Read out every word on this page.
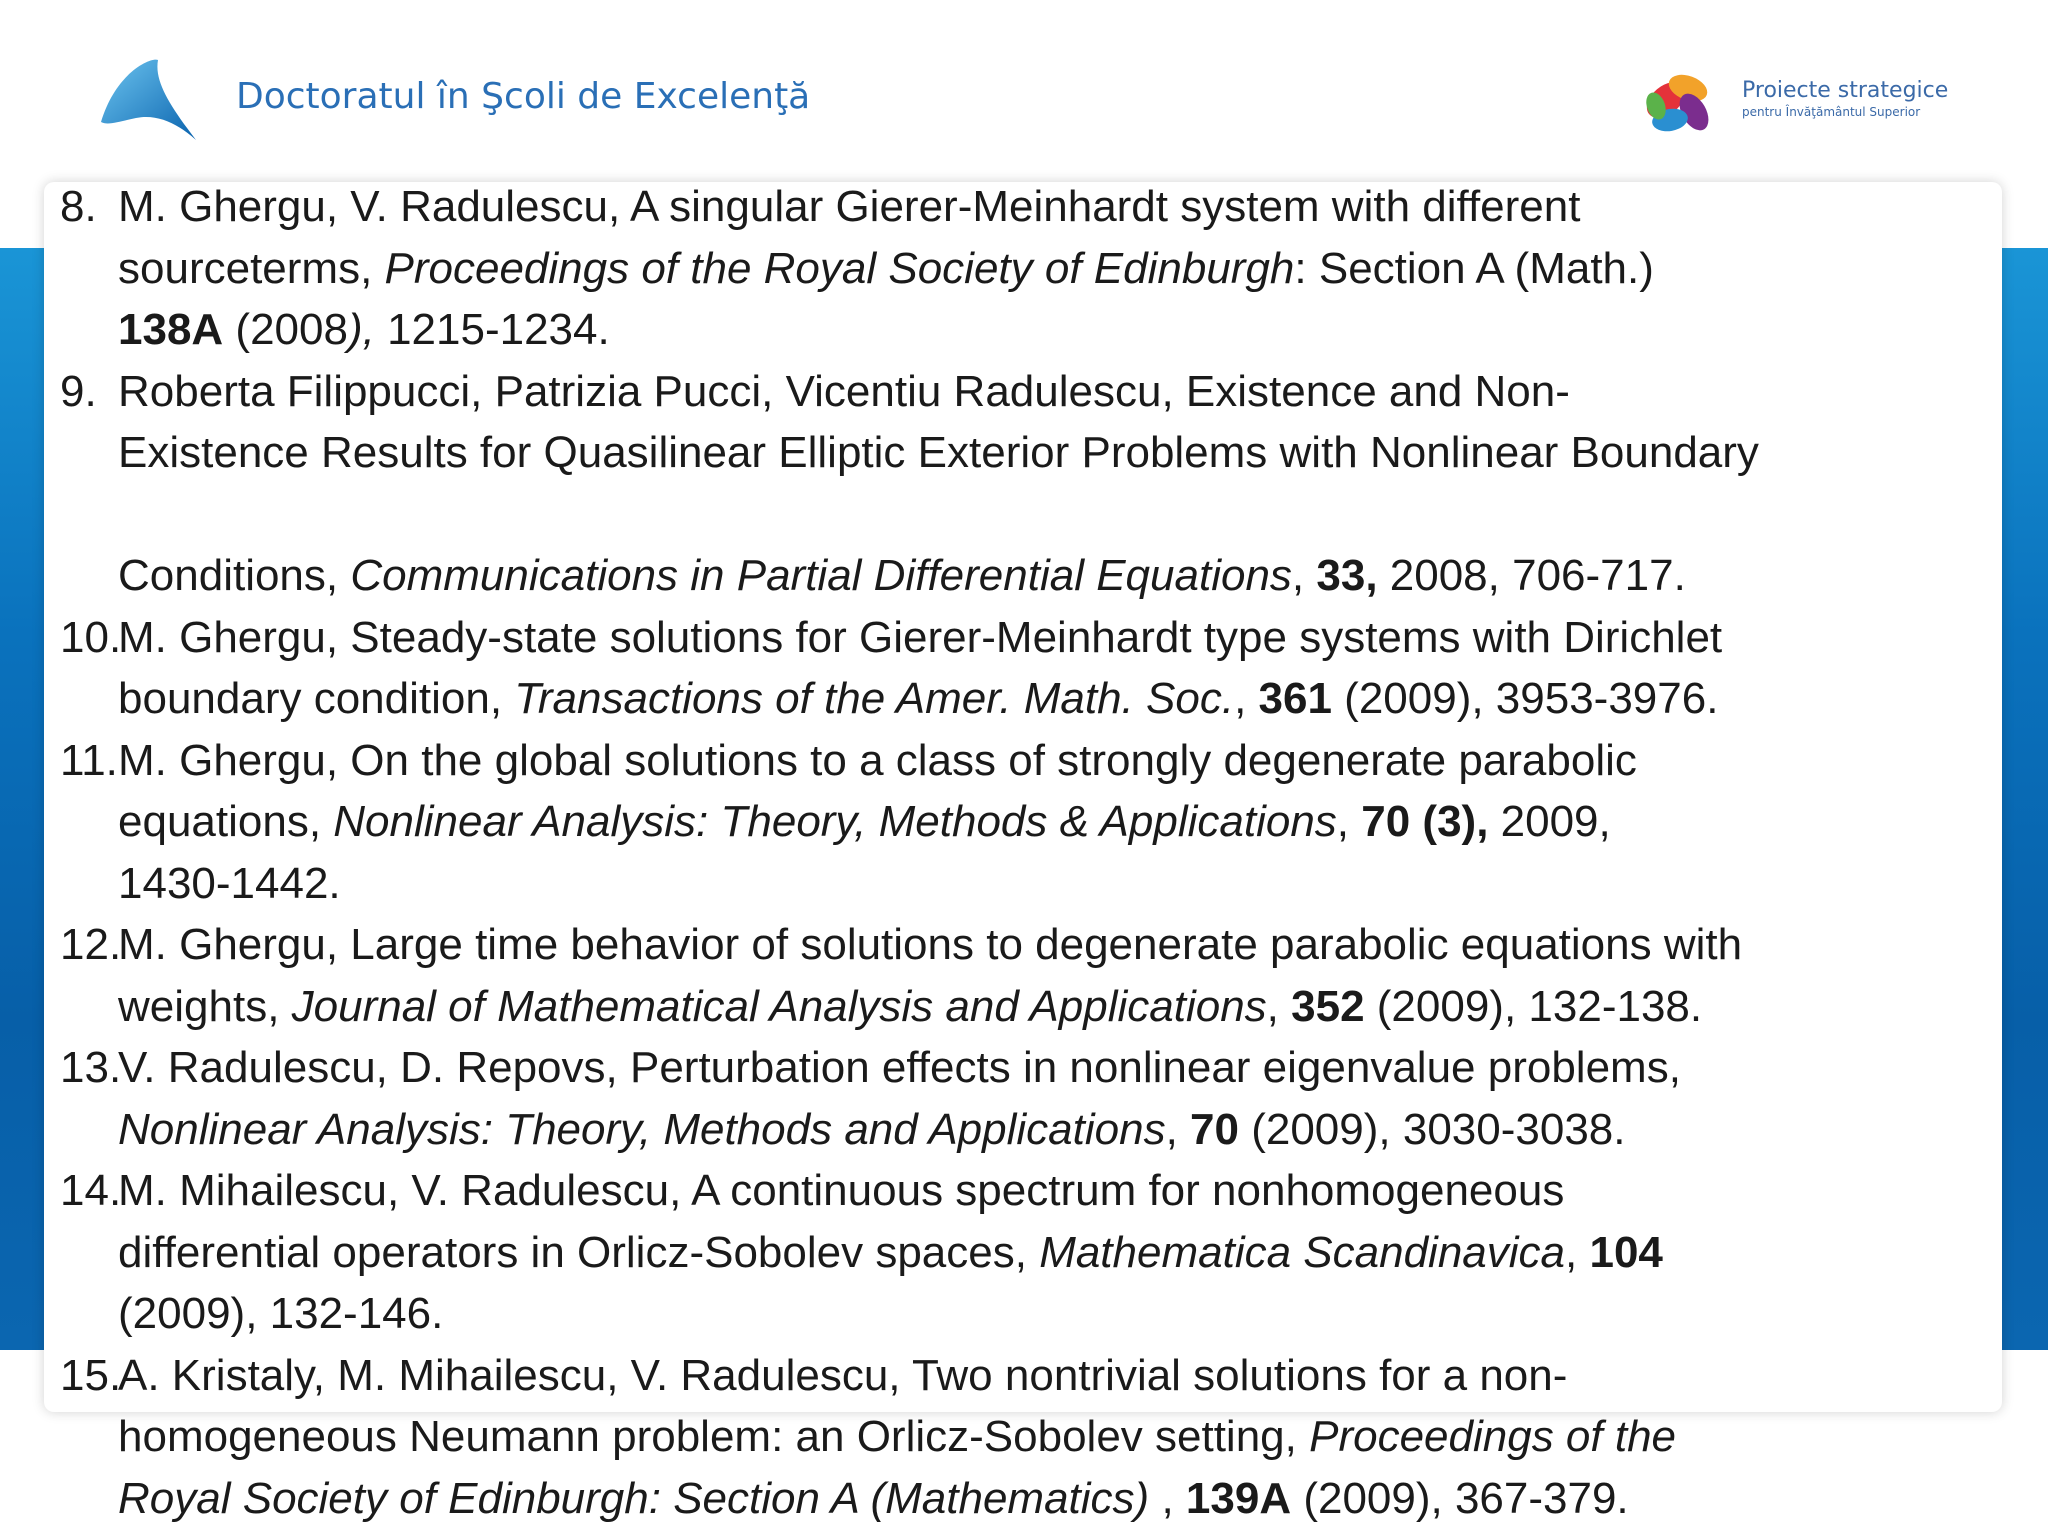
Doctoratul în Şcoli de Excelenţă	Proiecte strategice
pentru Învăţământul Superior
8. M. Ghergu, V. Radulescu, A singular Gierer-Meinhardt system with different
sourceterms, Proceedings of the Royal Society of Edinburgh: Section A (Math.)
138A (2008), 1215-1234.
9. Roberta Filippucci, Patrizia Pucci, Vicentiu Radulescu, Existence and Non-
Existence Results for Quasilinear Elliptic Exterior Problems with Nonlinear Boundary
Conditions, Communications in Partial Differential Equations, 33, 2008, 706-717.
10.
M. Ghergu, Steady-state solutions for Gierer-Meinhardt type systems with Dirichlet
boundary condition, Transactions of the Amer. Math. Soc., 361 (2009), 3953-3976.
11. M. Ghergu, On the global solutions to a class of strongly degenerate parabolic
equations, Nonlinear Analysis: Theory, Methods & Applications, 70 (3), 2009,
1430-1442.
12.
M. Ghergu, Large time behavior of solutions to degenerate parabolic equations with
weights, Journal of Mathematical Analysis and Applications, 352 (2009), 132-138.
13.
V. Radulescu, D. Repovs, Perturbation effects in nonlinear eigenvalue problems,
Nonlinear Analysis: Theory, Methods and Applications, 70 (2009), 3030-3038.
14.
M. Mihailescu, V. Radulescu, A continuous spectrum for nonhomogeneous
differential operators in Orlicz-Sobolev spaces, Mathematica Scandinavica, 104
(2009), 132-146.
15.
A. Kristaly, M. Mihailescu, V. Radulescu, Two nontrivial solutions for a non-
homogeneous Neumann problem: an Orlicz-Sobolev setting, Proceedings of the
Royal Society of Edinburgh: Section A (Mathematics) , 139A (2009), 367-379.
